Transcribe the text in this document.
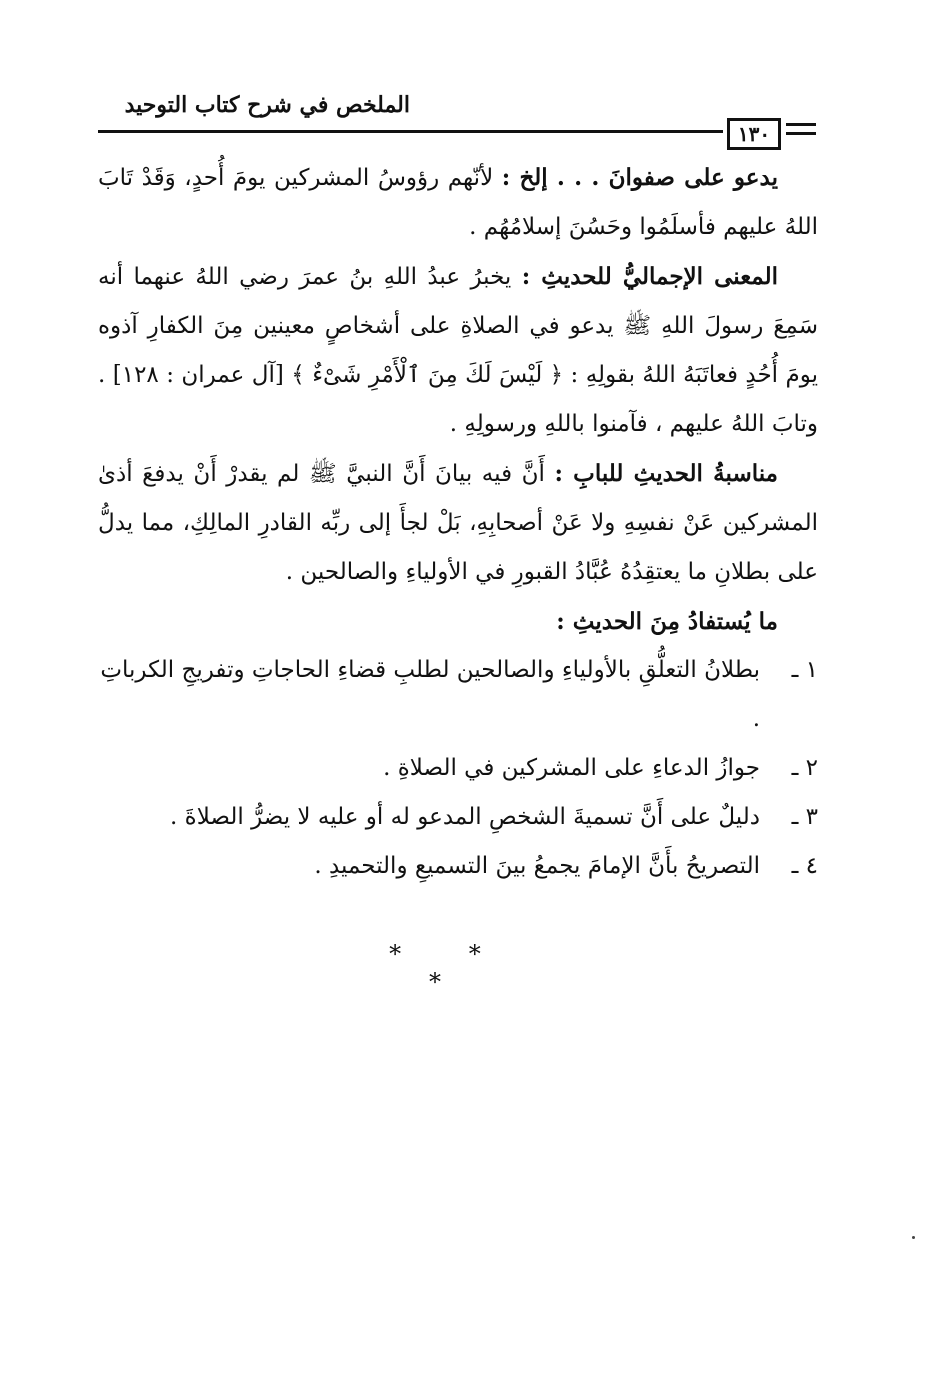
الملخص في شرح كتاب التوحيد
١٣٠

يدعو على صفوانَ . . . إلخ : لأنّهم رؤوسُ المشركين يومَ أُحدٍ، وَقَدْ تَابَ اللهُ عليهم فأسلَمُوا وحَسُنَ إسلامُهُم .

المعنى الإجماليُّ للحديثِ : يخبرُ عبدُ اللهِ بنُ عمرَ رضي اللهُ عنهما أنه سَمِعَ رسولَ اللهِ ﷺ يدعو في الصلاةِ على أشخاصٍ معينين مِنَ الكفارِ آذوه يومَ أُحُدٍ فعاتَبَهُ اللهُ بقولِهِ : ﴿ لَيْسَ لَكَ مِنَ ٱلْأَمْرِ شَىْءٌ ﴾ [آل عمران : ١٢٨] . وتابَ اللهُ عليهم ، فآمنوا باللهِ ورسولِهِ .

مناسبةُ الحديثِ للبابِ : أَنَّ فيه بيانَ أَنَّ النبيَّ ﷺ لم يقدرْ أَنْ يدفعَ أذىٰ المشركين عَنْ نفسِهِ ولا عَنْ أصحابِهِ، بَلْ لجأَ إلى ربِّه القادرِ المالِكِ، مما يدلُّ على بطلانِ ما يعتقِدُهُ عُبَّادُ القبورِ في الأولياءِ والصالحين .

ما يُستفادُ مِنَ الحديثِ :

١ ـ
بطلانُ التعلُّقِ بالأولياءِ والصالحين لطلبِ قضاءِ الحاجاتِ وتفريجِ الكرباتِ .
٢ ـ
جوازُ الدعاءِ على المشركين في الصلاةِ .
٣ ـ
دليلٌ على أَنَّ تسميةَ الشخصِ المدعو له أو عليه لا يضرُّ الصلاةَ .
٤ ـ
التصريحُ بأَنَّ الإمامَ يجمعُ بينَ التسميعِ والتحميدِ .
* * *
